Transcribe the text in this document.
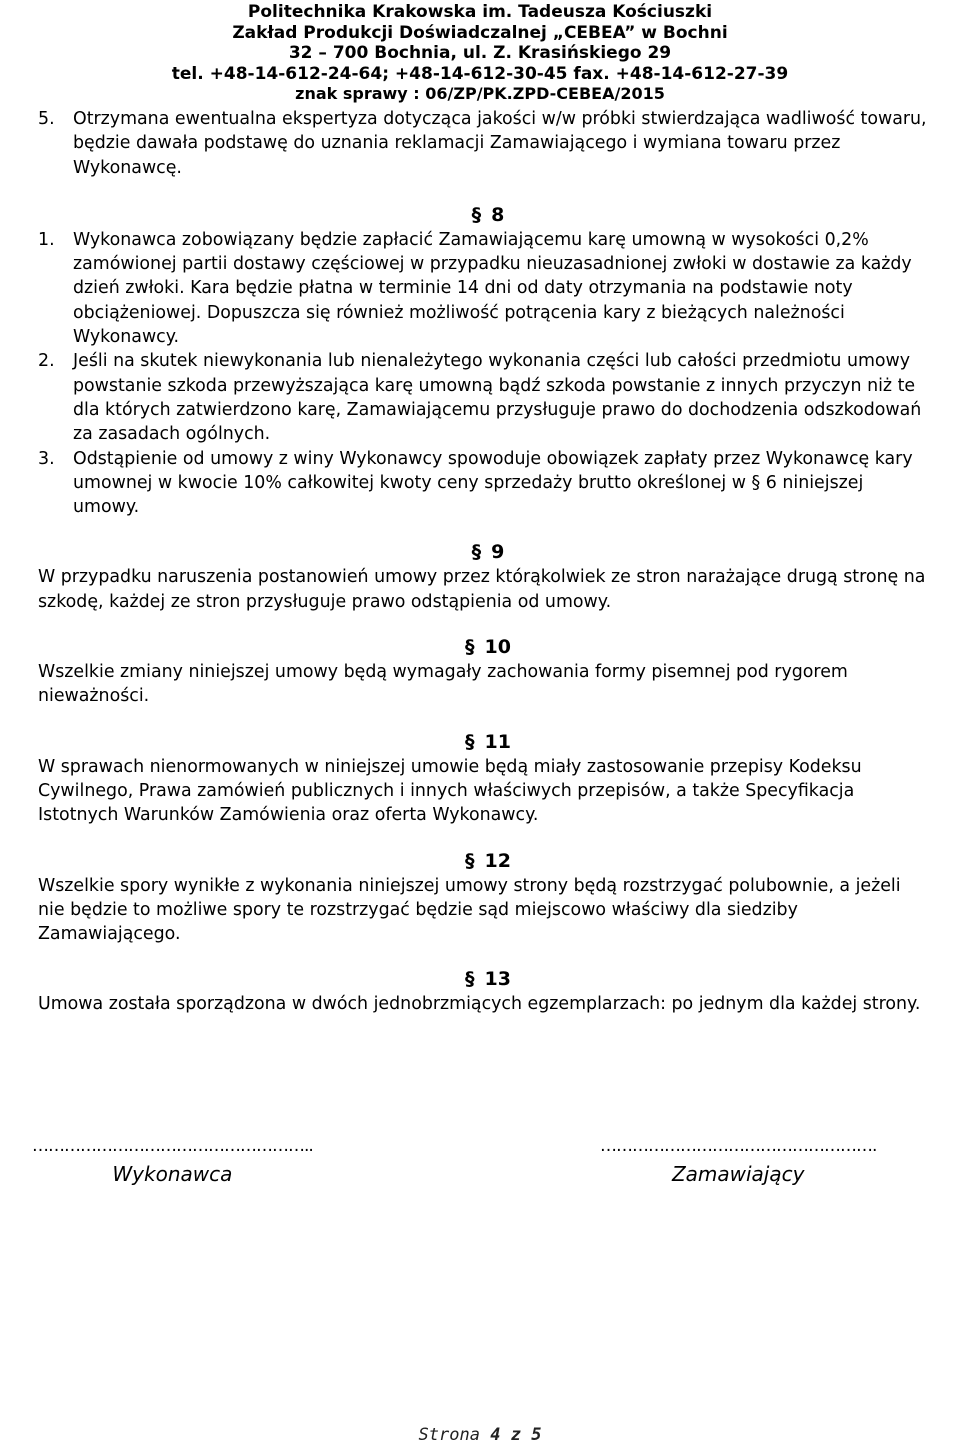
Politechnika Krakowska im. Tadeusza Kościuszki
Zakład Produkcji Doświadczalnej „CEBEA” w Bochni
32 – 700 Bochnia, ul. Z. Krasińskiego 29
tel. +48-14-612-24-64; +48-14-612-30-45 fax. +48-14-612-27-39
znak sprawy : 06/ZP/PK.ZPD-CEBEA/2015
5.	Otrzymana ewentualna ekspertyza dotycząca jakości w/w próbki stwierdzająca wadliwość towaru, będzie dawała podstawę do uznania reklamacji Zamawiającego i wymiana towaru przez Wykonawcę.
§ 8
1.	Wykonawca zobowiązany będzie zapłacić Zamawiającemu karę umowną w wysokości 0,2% zamówionej partii dostawy częściowej w przypadku nieuzasadnionej zwłoki w dostawie za każdy dzień zwłoki. Kara będzie płatna w terminie 14 dni od daty otrzymania na podstawie noty obciążeniowej. Dopuszcza się również możliwość potrącenia kary z bieżących należności Wykonawcy.
2.	Jeśli na skutek niewykonania lub nienależytego wykonania części lub całości przedmiotu umowy powstanie szkoda przewyższająca karę umowną bądź szkoda powstanie z innych przyczyn niż te dla których zatwierdzono karę, Zamawiającemu przysługuje prawo do dochodzenia odszkodowań za zasadach ogólnych.
3.	Odstąpienie od umowy z winy Wykonawcy spowoduje obowiązek zapłaty przez Wykonawcę kary umownej w kwocie 10% całkowitej kwoty ceny sprzedaży brutto określonej w § 6 niniejszej umowy.
§ 9

W przypadku naruszenia postanowień umowy przez którąkolwiek ze stron narażające drugą stronę na szkodę, każdej ze stron przysługuje prawo odstąpienia od umowy.

§ 10

Wszelkie zmiany niniejszej umowy będą wymagały zachowania formy pisemnej pod rygorem nieważności.

§ 11

W sprawach nienormowanych w niniejszej umowie będą miały zastosowanie przepisy Kodeksu Cywilnego, Prawa zamówień publicznych i innych właściwych przepisów, a także Specyfikacja Istotnych Warunków Zamówienia oraz oferta Wykonawcy.

§ 12

Wszelkie spory wynikłe z wykonania niniejszej umowy strony będą rozstrzygać polubownie, a jeżeli nie będzie to możliwe spory te rozstrzygać będzie sąd miejscowo właściwy dla siedziby Zamawiającego.

§ 13

Umowa została sporządzona w dwóch jednobrzmiących egzemplarzach: po jednym dla każdej strony.

……………………………………………..
Wykonawca
…………………………………………….
Zamawiający
Strona 4 z 5
